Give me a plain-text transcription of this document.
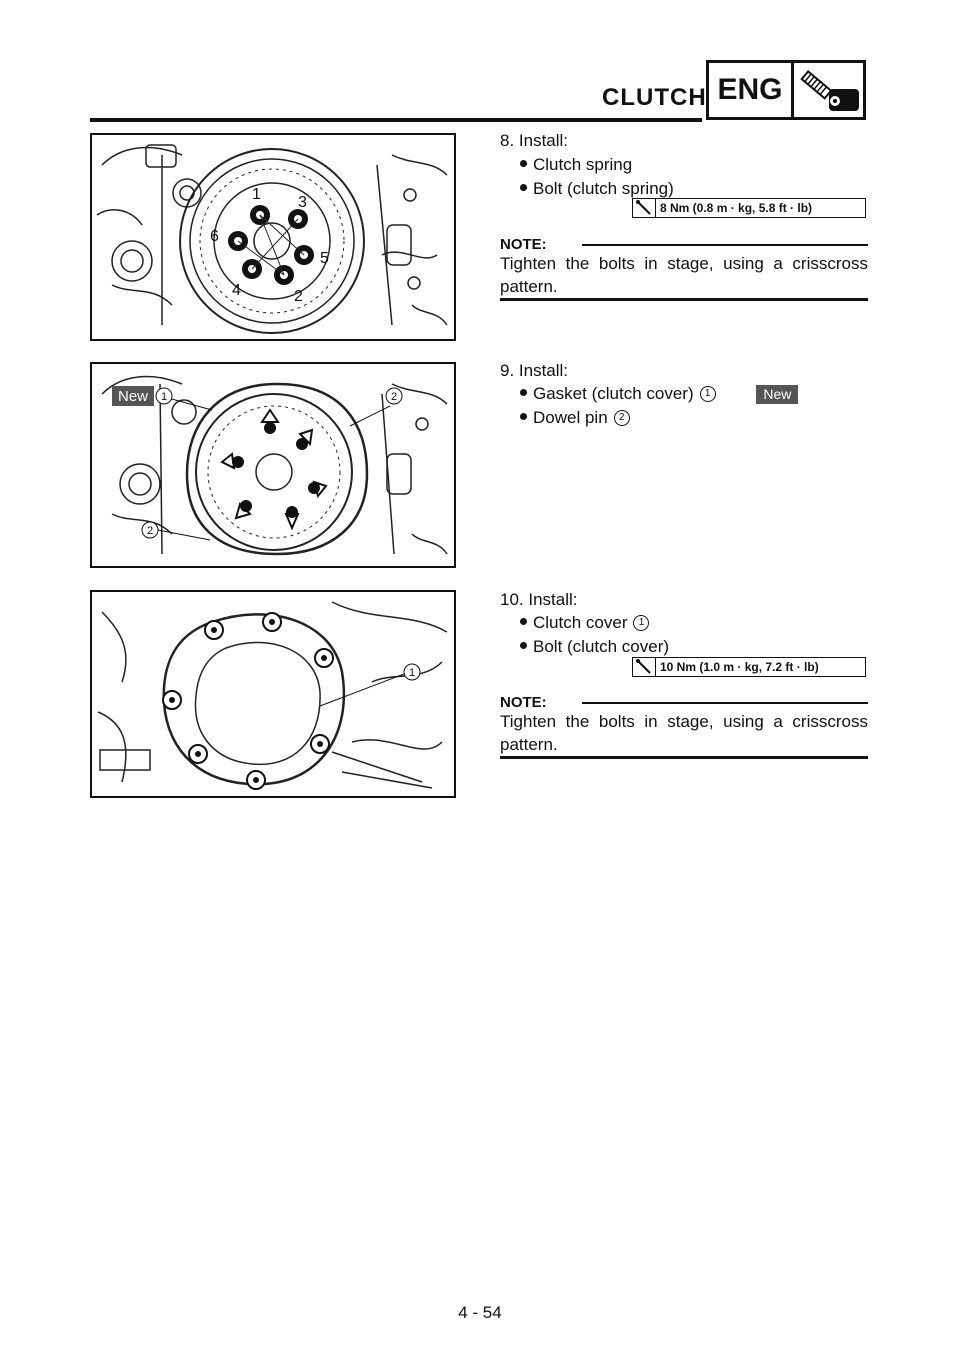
CLUTCH ENG
1
2
3
4
5
6
8. Install:
Clutch spring
Bolt (clutch spring)
8 Nm (0.8 m · kg, 5.8 ft · lb)
NOTE:
Tighten the bolts in stage, using a crisscross pattern.
New 1	2
2
9. Install:
Gasket (clutch cover) 1	New
Dowel pin 2
1
10. Install:
Clutch cover 1
Bolt (clutch cover)
10 Nm (1.0 m · kg, 7.2 ft · lb)
NOTE:
Tighten the bolts in stage, using a crisscross pattern.
4 - 54
